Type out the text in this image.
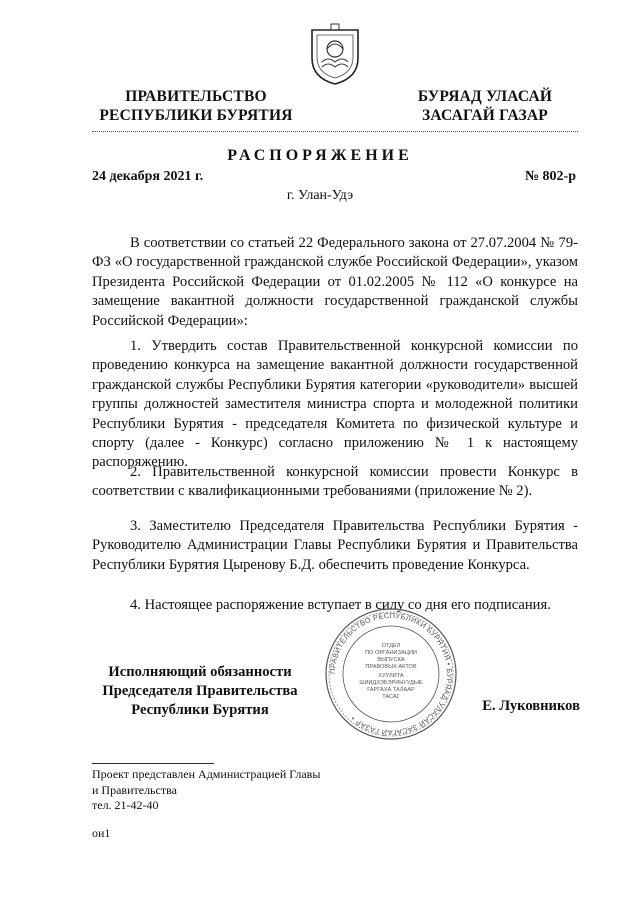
ПРАВИТЕЛЬСТВО
РЕСПУБЛИКИ БУРЯТИЯ
БУРЯАД УЛАСАЙ
ЗАСАГАЙ ГАЗАР
РАСПОРЯЖЕНИЕ
24 декабря 2021 г.	№ 802-р
г. Улан-Удэ

В соответствии со статьей 22 Федерального закона от 27.07.2004 № 79-ФЗ «О государственной гражданской службе Российской Федерации», указом Президента Российской Федерации от 01.02.2005 № 112 «О конкурсе на замещение вакантной должности государственной гражданской службы Российской Федерации»:

1. Утвердить состав Правительственной конкурсной комиссии по проведению конкурса на замещение вакантной должности государственной гражданской службы Республики Бурятия категории «руководители» высшей группы должностей заместителя министра спорта и молодежной политики Республики Бурятия - председателя Комитета по физической культуре и спорту (далее - Конкурс) согласно приложению № 1 к настоящему распоряжению.

2. Правительственной конкурсной комиссии провести Конкурс в соответствии с квалификационными требованиями (приложение № 2).

3. Заместителю Председателя Правительства Республики Бурятия - Руководителю Администрации Главы Республики Бурятия и Правительства Республики Бурятия Цыренову Б.Д. обеспечить проведение Конкурса.

4. Настоящее распоряжение вступает в силу со дня его подписания.

Исполняющий обязанности
Председателя Правительства
Республики Бурятия	Е. Луковников
ПРАВИТЕЛЬСТВО РЕСПУБЛИКИ БУРЯТИЯ • БУРЯАД УЛАСАЙ ЗАСАГАЙ ГАЗАР •
ОТДЕЛ
ПО ОРГАНИЗАЦИИ
ВЫПУСКА
ПРАВОВЫХ АКТОВ
ХУУЛИТА
ШИИДХЭБЭРИНУУДЫЕ
ГАРГАХА ТАЛААР
ТАСАГ
Проект представлен Администрацией Главы
и Правительства
тел. 21-42-40
ои1
